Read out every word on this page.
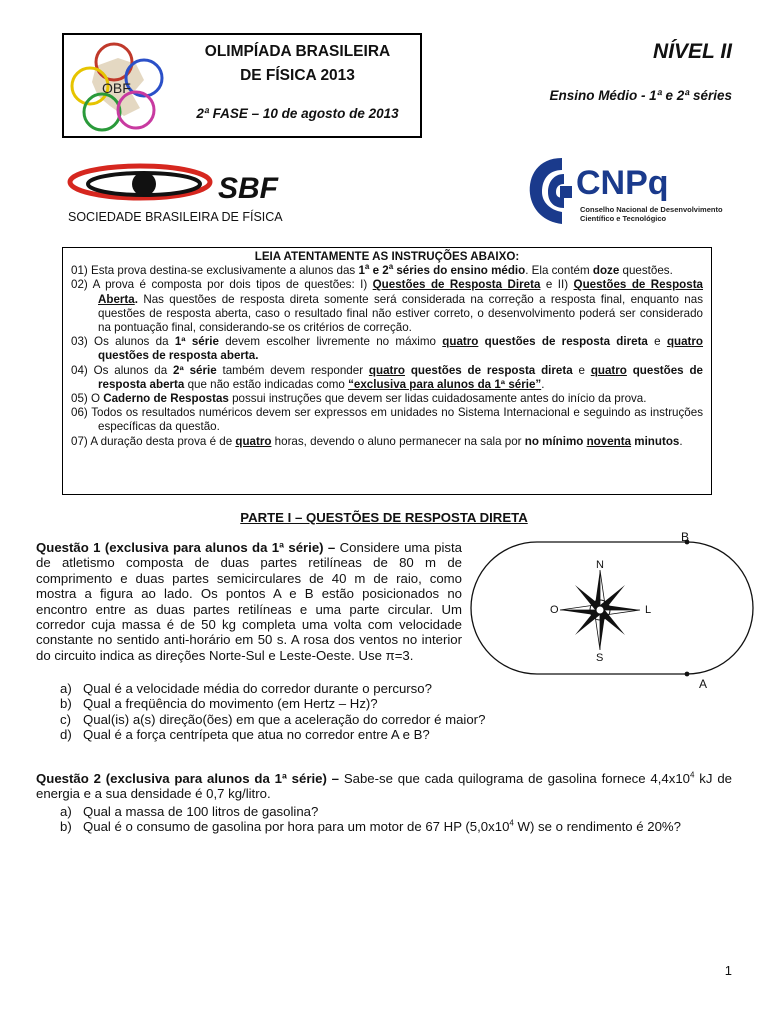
OBF
OLIMPÍADA BRASILEIRA
DE FÍSICA 2013
2ª FASE – 10 de agosto de 2013
NÍVEL II
Ensino Médio - 1ª e 2ª séries
SBF
SOCIEDADE BRASILEIRA DE FÍSICA
CNPq
Conselho Nacional de Desenvolvimento
Científico e Tecnológico
LEIA ATENTAMENTE AS INSTRUÇÕES ABAIXO:
01) Esta prova destina-se exclusivamente a alunos das 1$^a$ e 2$^a$ séries do ensino médio. Ela contém doze questões.
02) A prova é composta por dois tipos de questões: I) Questões de Resposta Direta e II) Questões de Resposta Aberta. Nas questões de resposta direta somente será considerada na correção a resposta final, enquanto nas questões de resposta aberta, caso o resultado final não estiver correto, o desenvolvimento poderá ser considerado na pontuação final, considerando-se os critérios de correção.
03) Os alunos da 1ª série devem escolher livremente no máximo quatro questões de resposta direta e quatro questões de resposta aberta.
04) Os alunos da 2ª série também devem responder quatro questões de resposta direta e quatro questões de resposta aberta que não estão indicadas como “exclusiva para alunos da 1ª série”.
05) O Caderno de Respostas possui instruções que devem ser lidas cuidadosamente antes do início da prova.
06) Todos os resultados numéricos devem ser expressos em unidades no Sistema Internacional e seguindo as instruções específicas da questão.
07) A duração desta prova é de quatro horas, devendo o aluno permanecer na sala por no mínimo noventa minutos.
PARTE I – QUESTÕES DE RESPOSTA DIRETA
Questão 1 (exclusiva para alunos da 1ª série) – Considere uma pista de atletismo composta de duas partes retilíneas de 80 m de comprimento e duas partes semicirculares de 40 m de raio, como mostra a figura ao lado. Os pontos A e B estão posicionados no encontro entre as duas partes retilíneas e uma parte circular. Um corredor cuja massa é de 50 kg completa uma volta com velocidade constante no sentido anti-horário em 50 s. A rosa dos ventos no interior do circuito indica as direções Norte-Sul e Leste-Oeste. Use π=3.
a) Qual é a velocidade média do corredor durante o percurso?
b) Qual a freqüência do movimento (em Hertz – Hz)?
c) Qual(is) a(s) direção(ões) em que a aceleração do corredor é maior?
d) Qual é a força centrípeta que atua no corredor entre A e B?
B
A
N
S
L
O
Questão 2 (exclusiva para alunos da 1ª série) – Sabe-se que cada quilograma de gasolina fornece $4,4x10^4$ kJ de energia e a sua densidade é 0,7 kg/litro.
a) Qual a massa de 100 litros de gasolina?
b) Qual é o consumo de gasolina por hora para um motor de 67 HP ($5,0x10^4$ W) se o rendimento é 20%?
1
